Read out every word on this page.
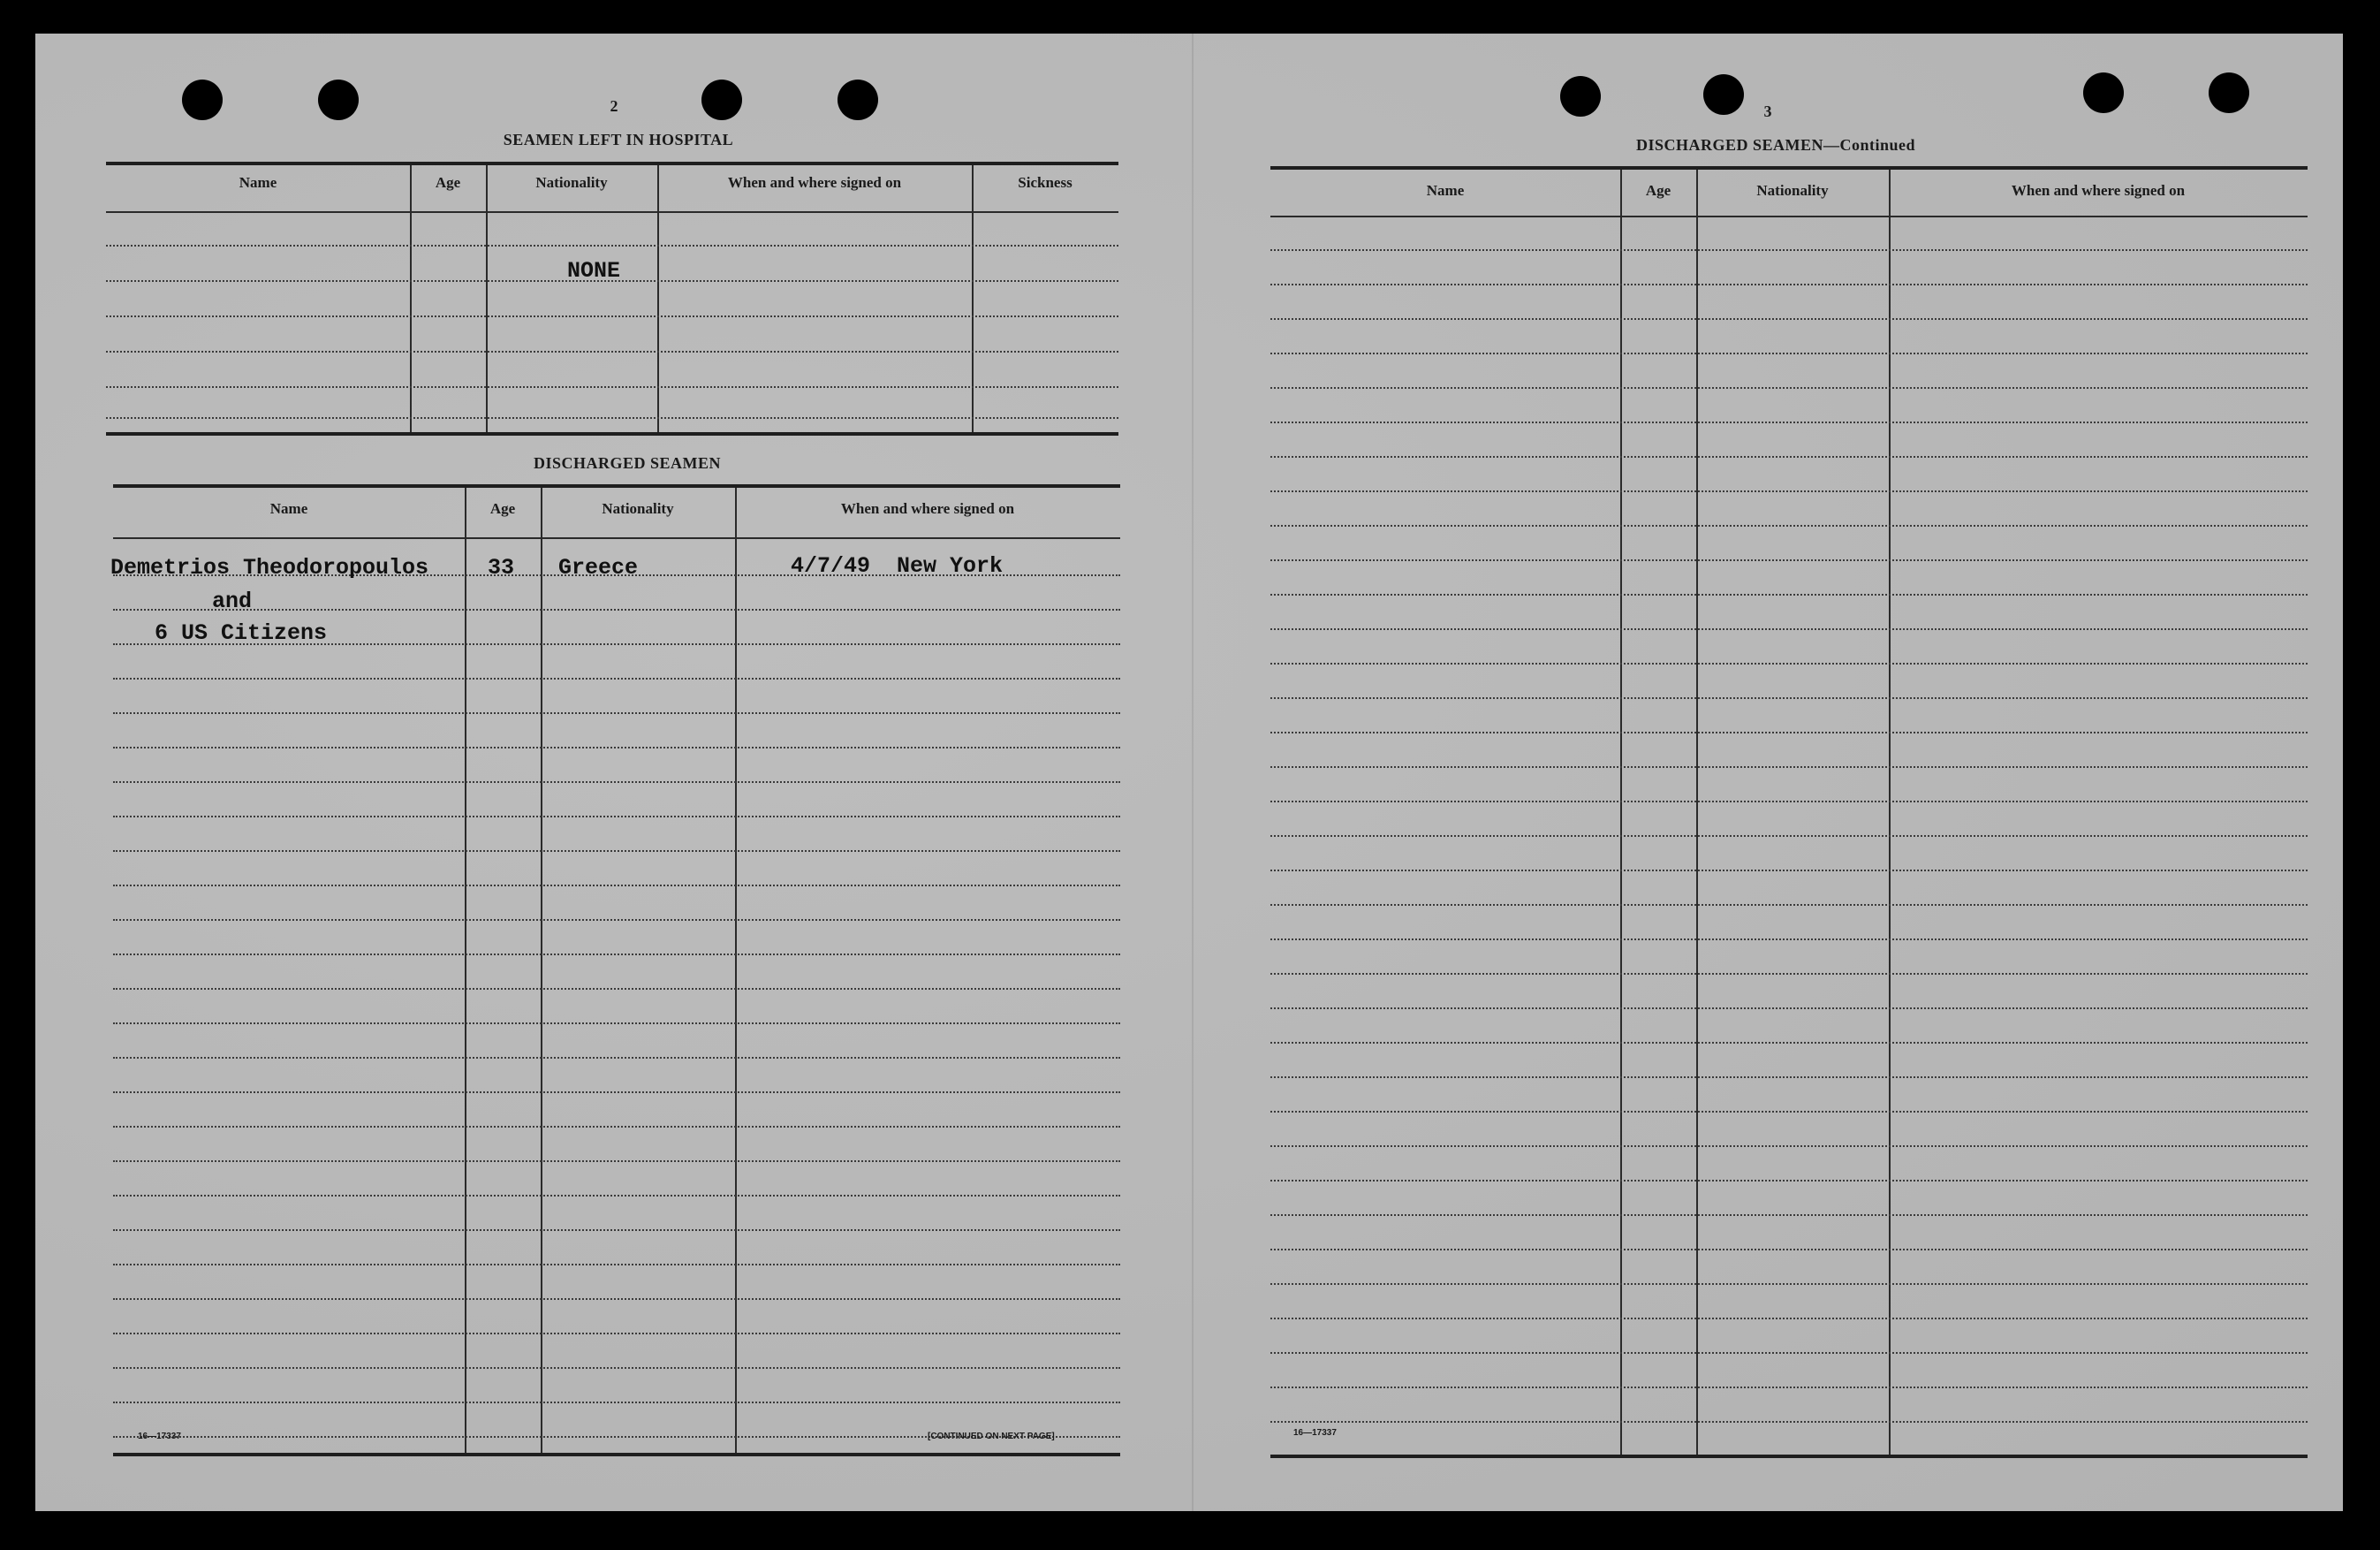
2
SEAMEN LEFT IN HOSPITAL
Name	Age	Nationality	When and where signed on	Sickness
NONE
DISCHARGED SEAMEN
Name	Age	Nationality	When and where signed on
Demetrios Theodoropoulos
and
6 US Citizens
33 Greece	4/7/49  New York
16—17337	[CONTINUED ON NEXT PAGE]
3
DISCHARGED SEAMEN—Continued
Name	Age	Nationality	When and where signed on
16—17337
